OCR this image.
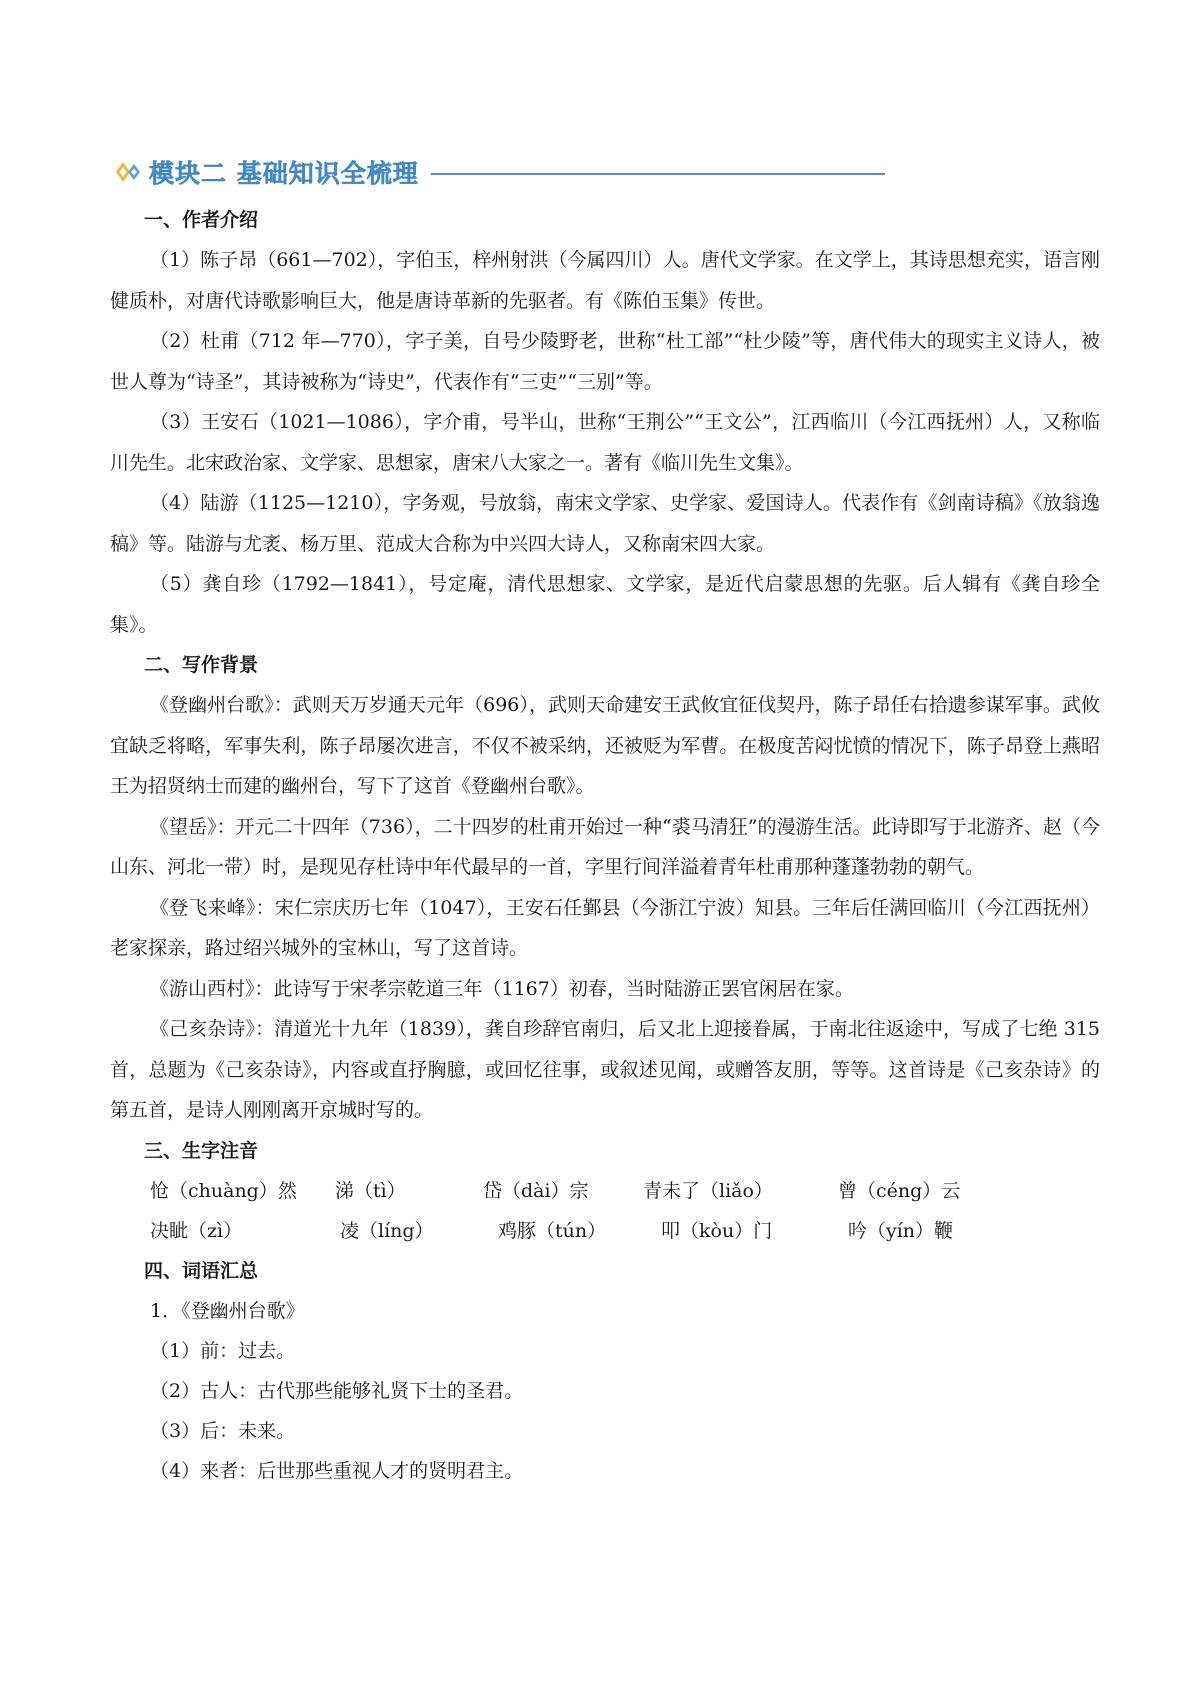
模块二 基础知识全梳理
一、作者介绍

（1）陈子昂（661—702），字伯玉，梓州射洪（今属四川）人。唐代文学家。在文学上，其诗思想充实，语言刚健质朴，对唐代诗歌影响巨大，他是唐诗革新的先驱者。有《陈伯玉集》传世。

（2）杜甫（712 年—770），字子美，自号少陵野老，世称“杜工部”“杜少陵”等，唐代伟大的现实主义诗人，被世人尊为“诗圣”，其诗被称为“诗史”，代表作有“三吏”“三别”等。

（3）王安石（1021—1086），字介甫，号半山，世称“王荆公”“王文公”，江西临川（今江西抚州）人，又称临川先生。北宋政治家、文学家、思想家，唐宋八大家之一。著有《临川先生文集》。

（4）陆游（1125—1210），字务观，号放翁，南宋文学家、史学家、爱国诗人。代表作有《剑南诗稿》《放翁逸稿》等。陆游与尤袤、杨万里、范成大合称为中兴四大诗人，又称南宋四大家。

（5）龚自珍（1792—1841），号定庵，清代思想家、文学家，是近代启蒙思想的先驱。后人辑有《龚自珍全集》。

二、写作背景

《登幽州台歌》：武则天万岁通天元年（696），武则天命建安王武攸宜征伐契丹，陈子昂任右拾遗参谋军事。武攸宜缺乏将略，军事失利，陈子昂屡次进言，不仅不被采纳，还被贬为军曹。在极度苦闷忧愤的情况下，陈子昂登上燕昭王为招贤纳士而建的幽州台，写下了这首《登幽州台歌》。

《望岳》：开元二十四年（736），二十四岁的杜甫开始过一种“裘马清狂”的漫游生活。此诗即写于北游齐、赵（今山东、河北一带）时，是现见存杜诗中年代最早的一首，字里行间洋溢着青年杜甫那种蓬蓬勃勃的朝气。

《登飞来峰》：宋仁宗庆历七年（1047），王安石任鄞县（今浙江宁波）知县。三年后任满回临川（今江西抚州）老家探亲，路过绍兴城外的宝林山，写了这首诗。

《游山西村》：此诗写于宋孝宗乾道三年（1167）初春，当时陆游正罢官闲居在家。

《己亥杂诗》：清道光十九年（1839），龚自珍辞官南归，后又北上迎接眷属，于南北往返途中，写成了七绝 315 首，总题为《己亥杂诗》，内容或直抒胸臆，或回忆往事，或叙述见闻，或赠答友朋，等等。这首诗是《己亥杂诗》的第五首，是诗人刚刚离开京城时写的。

三、生字注音
怆（chuàng）然	涕（tì）	岱（dài）宗	青未了（liǎo）	曾（céng）云
决眦（zì）	凌（líng）	鸡豚（tún）	叩（kòu）门	吟（yín）鞭
四、词语汇总
1．《登幽州台歌》
（1）前：过去。
（2）古人：古代那些能够礼贤下士的圣君。
（3）后：未来。
（4）来者：后世那些重视人才的贤明君主。
